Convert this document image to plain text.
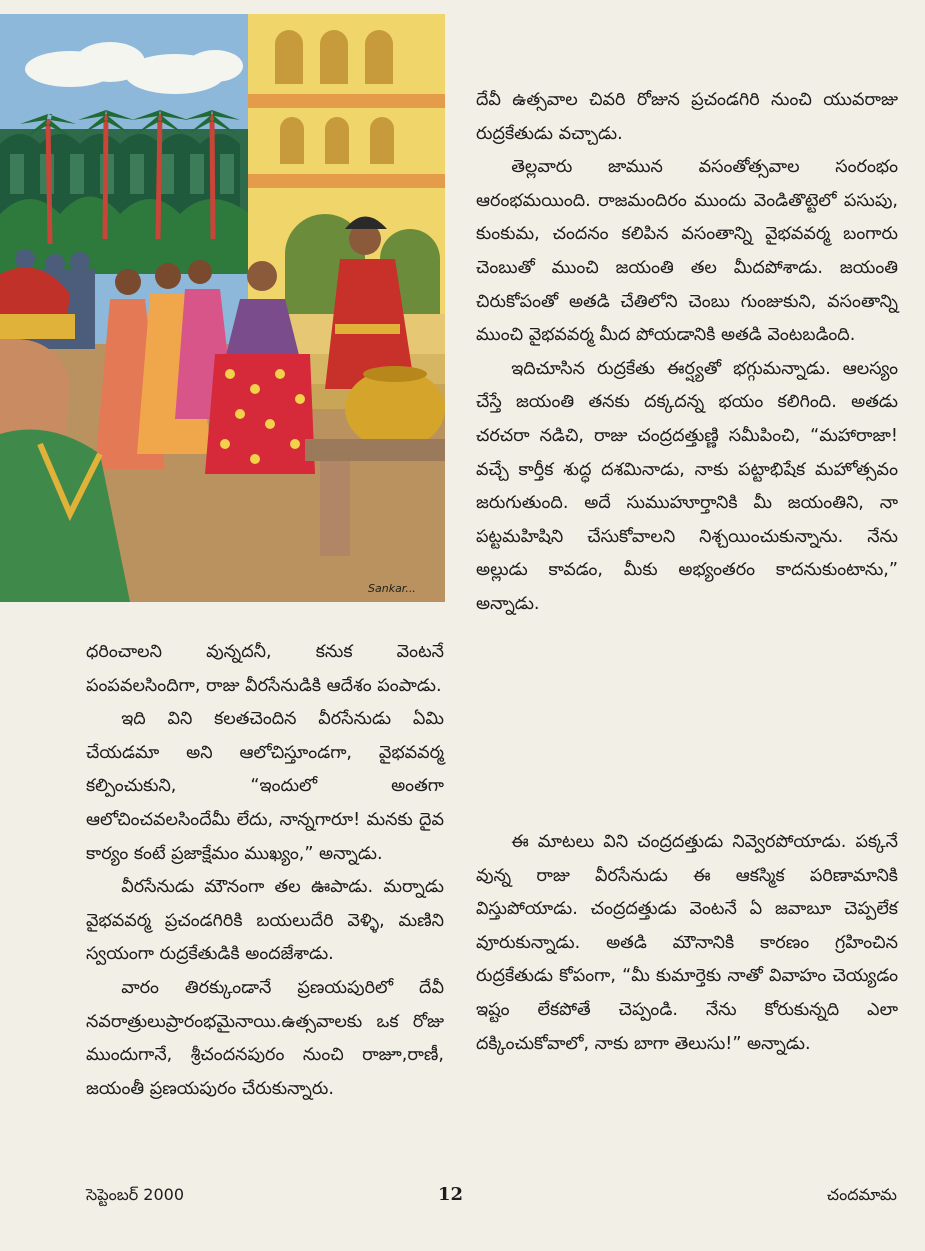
Sankar...

దేవీ ఉత్సవాల చివరి రోజున ప్రచండగిరి నుంచి యువరాజు రుద్రకేతుడు వచ్చాడు.

తెల్లవారు జామున వసంతోత్సవాల సంరంభం ఆరంభమయింది. రాజమందిరం ముందు వెండితొట్టెలో పసుపు, కుంకుమ, చందనం కలిపిన వసంతాన్ని వైభవవర్మ బంగారు చెంబుతో ముంచి జయంతి తల మీదపోశాడు. జయంతి చిరుకోపంతో అతడి చేతిలోని చెంబు గుంజుకుని, వసంతాన్ని ముంచి వైభవవర్మ మీద పోయడానికి అతడి వెంటబడింది.

ఇదిచూసిన రుద్రకేతు ఈర్ష్యతో భగ్గుమన్నాడు. ఆలస్యం చేస్తే జయంతి తనకు దక్కదన్న భయం కలిగింది. అతడు చరచరా నడిచి, రాజు చంద్రదత్తుణ్ణి సమీపించి, “మహారాజా! వచ్చే కార్తీక శుద్ధ దశమినాడు, నాకు పట్టాభిషేక మహోత్సవం జరుగుతుంది. అదే సుముహూర్తానికి మీ జయంతిని, నా పట్టమహిషిని చేసుకోవాలని నిశ్చయించుకున్నాను. నేను అల్లుడు కావడం, మీకు అభ్యంతరం కాదనుకుంటాను,” అన్నాడు.

ధరించాలని వున్నదనీ, కనుక వెంటనే పంపవలసిందిగా, రాజు వీరసేనుడికి ఆదేశం పంపాడు.

ఇది విని కలతచెందిన వీరసేనుడు ఏమి చేయడమా అని ఆలోచిస్తూండగా, వైభవవర్మ కల్పించుకుని, “ఇందులో అంతగా ఆలోచించవలసిందేమీ లేదు, నాన్నగారూ! మనకు దైవ కార్యం కంటే ప్రజాక్షేమం ముఖ్యం,” అన్నాడు.

వీరసేనుడు మౌనంగా తల ఊపాడు. మర్నాడు వైభవవర్మ ప్రచండగిరికి బయలుదేరి వెళ్ళి, మణిని స్వయంగా రుద్రకేతుడికి అందజేశాడు.

వారం తిరక్కుండానే ప్రణయపురిలో దేవీ నవరాత్రులుప్రారంభమైనాయి.ఉత్సవాలకు ఒక రోజు ముందుగానే, శ్రీచందనపురం నుంచి రాజూ,రాణీ, జయంతీ ప్రణయపురం చేరుకున్నారు.

ఈ మాటలు విని చంద్రదత్తుడు నివ్వెరపోయాడు. పక్కనే వున్న రాజు వీరసేనుడు ఈ ఆకస్మిక పరిణామానికి విస్తుపోయాడు. చంద్రదత్తుడు వెంటనే ఏ జవాబూ చెప్పలేక వూరుకున్నాడు. అతడి మౌనానికి కారణం గ్రహించిన రుద్రకేతుడు కోపంగా, “మీ కుమార్తెకు నాతో వివాహం చెయ్యడం ఇష్టం లేకపోతే చెప్పండి. నేను కోరుకున్నది ఎలా దక్కించుకోవాలో, నాకు బాగా తెలుసు!” అన్నాడు.

సెప్టెంబర్ 2000	12	చందమామ
